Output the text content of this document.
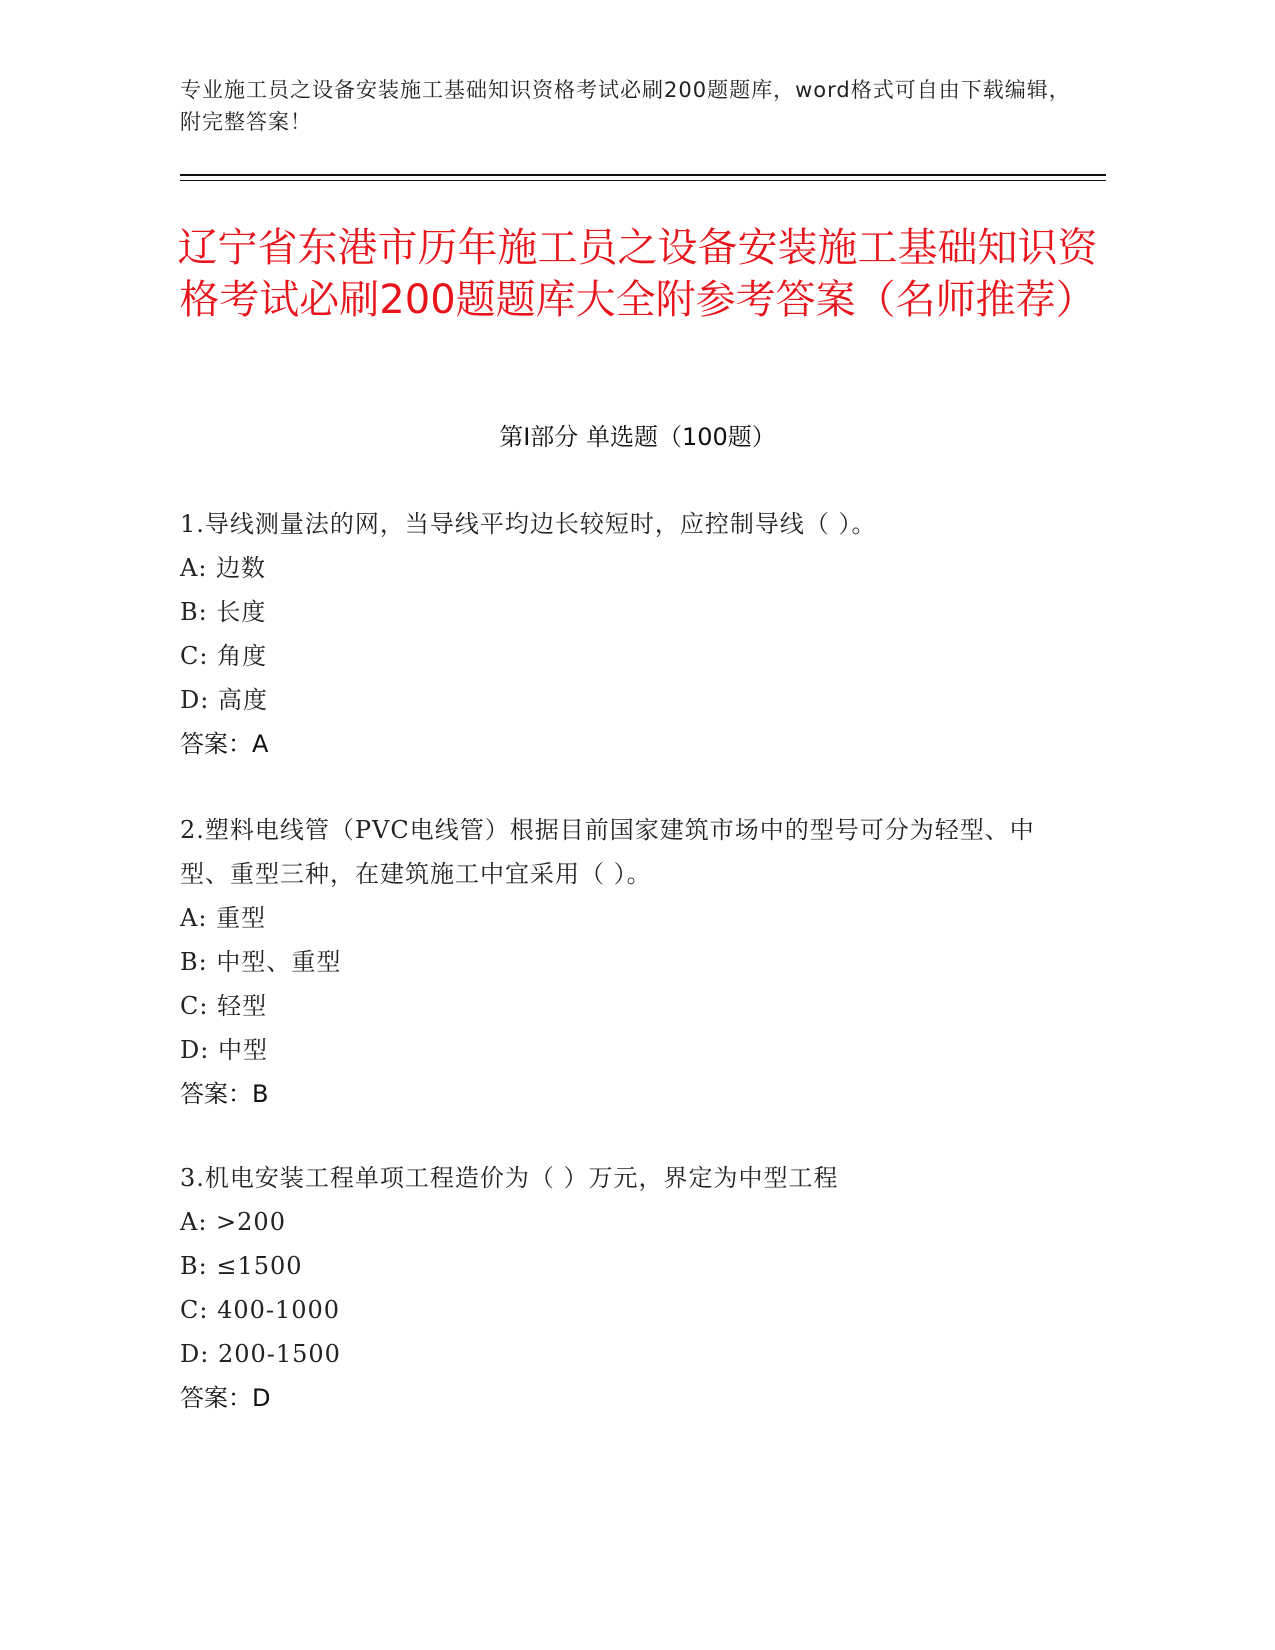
专业施工员之设备安装施工基础知识资格考试必刷200题题库，word格式可自由下载编辑，附完整答案！
辽宁省东港市历年施工员之设备安装施工基础知识资格考试必刷200题题库大全附参考答案（名师推荐）
第Ⅰ部分 单选题（100题）
1.导线测量法的网，当导线平均边长较短时，应控制导线（ ）。
A: 边数
B: 长度
C: 角度
D: 高度
答案：A
2.塑料电线管（PVC电线管）根据目前国家建筑市场中的型号可分为轻型、中型、重型三种，在建筑施工中宜采用（ ）。
A: 重型
B: 中型、重型
C: 轻型
D: 中型
答案：B
3.机电安装工程单项工程造价为（ ）万元，界定为中型工程
A: >200
B: ≤1500
C: 400-1000
D: 200-1500
答案：D
